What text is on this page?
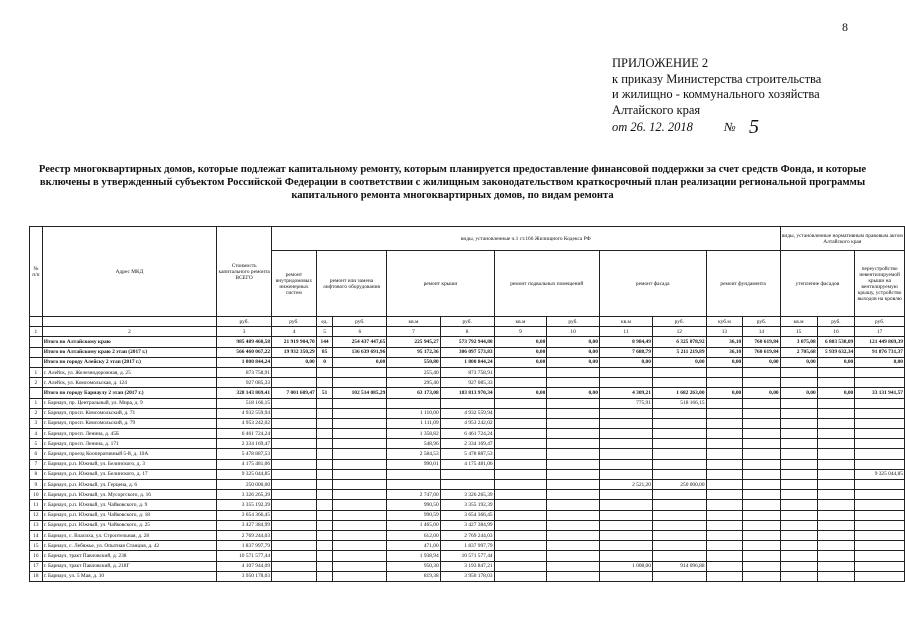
8
ПРИЛОЖЕНИЕ 2
к приказу Министерства строительства
и жилищно - коммунального хозяйства
Алтайского края
от 26. 12. 2018 № 5
Реестр многоквартирных домов, которые подлежат капитальному ремонту, которым планируется предоставление финансовой поддержки за счет средств Фонда, и которые включены в утвержденный субъектом Российской Федерации в соответствии с жилищным законодательством краткосрочный план реализации региональной программы капитального ремонта многоквартирных домов, по видам ремонта
№ п/п	Адрес МКД	Стоимость капитального ремонта ВСЕГО	виды, установленные ч.1 ст.166 Жилищного Кодекса РФ											виды, установленные нормативным правовым актом Алтайского края		
			ремонт внутридомовых инженерных систем	ремонт или замена лифтового оборудования		ремонт крыши		ремонт подвальных помещений		ремонт фасада		ремонт фундамента		утепление фасадов		переустройство невентилируемой крыши на вентилируемую крышу, устройство выходов на кровлю
		руб.	руб.	ед.	руб.	кв.м	руб.	кв.м	руб.	кв.м	руб.	куб.м	руб.	кв.м	руб.	руб.
1	2	3	4	5	6	7	8	9	10	11	12	13	14	15	16	17
	Итого по Алтайскому краю	985 489 460,58	21 919 904,70	144	254 437 447,65	225 945,27	573 792 944,80	0,00	0,00	8 984,49	6 325 078,92	36,10	760 619,84	3 075,08	6 803 538,09	121 449 869,39
	Итого по Алтайскому краю 2 этап (2017 г.)	566 460 067,22	19 932 350,29	85	136 639 691,96	95 172,36	306 097 573,83	0,00	0,00	7 688,79	5 211 219,89	36,10	760 619,84	2 705,68	5 939 632,34	91 876 731,37
	Итого по городу Алейску 2 этап (2017 г.)	1 800 844,24	0,00	0	0,00	550,80	1 800 844,24	0,00	0,00	0,00	0,00	0,00	0,00	0,00	0,00	0,00
1	г. Алейск, ул. Железнодорожная, д. 25	873 758,91				255,40	873 758,91									
2	г. Алейск, ул. Комсомольская, д. 124	927 085,33				295,40	927 085,33									
	Итого по городу Барнаулу 2 этап (2017 г.)	328 143 869,41	7 001 609,47	51	102 514 085,29	63 173,08	183 813 970,34	0,00	0,00	4 309,21	1 682 263,00	0,00	0,00	0,00	0,00	33 131 941,57
1	г. Барнаул, пр. Центральный, ул. Мира, д. 9	518 166,15								775,91	518 166,15					
2	г. Барнаул, просп. Комсомольский, д. 71	4 932 559,94				1 110,00	4 932 559,94									
3	г. Барнаул, просп. Комсомольский, д. 79	4 953 242,02				1 111,09	4 953 242,02									
4	г. Барнаул, просп. Ленина, д. 45Б	6 461 724,24				1 358,82	6 461 724,24									
5	г. Барнаул, просп. Ленина, д. 171	2 334 169,47				548,96	2 334 169,47									
6	г. Барнаул, проезд Кооперативный 5-й, д. 10А	5 478 887,53				2 584,53	5 478 887,53									
7	г. Барнаул, р.п. Южный, ул. Белинского, д. 3	4 175 481,06				990,01	4 175 481,06									
8	г. Барнаул, р.п. Южный, ул. Белинского, д. 17	9 325 044,85														9 325 044,85
9	г. Барнаул, р.п. Южный, ул. Герцена, д. 6	250 000,00								2 521,20	250 000,00					
10	г. Барнаул, р.п. Южный, ул. Мусоргского, д. 16	3 326 265,39				2 747,00	3 326 265,39									
11	г. Барнаул, р.п. Южный, ул. Чайковского, д. 9	3 355 192,39				990,50	3 355 192,39									
12	г. Барнаул, р.п. Южный, ул. Чайковского, д. 18	3 654 366,45				990,59	3 654 366,45									
13	г. Барнаул, р.п. Южный, ул. Чайковского, д. 25	3 427 384,99				1 465,00	3 427 384,99									
14	г. Барнаул, с. Власиха, ул. Строительная, д. 28	2 769 244,03				612,00	2 769 244,03									
15	г. Барнаул, с. Лебяжье, ул. Опытная Станция, д. 42	1 837 997,79				471,00	1 837 997,79									
16	г. Барнаул, тракт Павловский, д. 238	10 571 577,44				1 938,94	10 571 577,44									
17	г. Барнаул, тракт Павловский, д. 218Г	4 107 944,09				950,30	3 193 847,21			1 008,00	914 096,88					
18	г. Барнаул, ул. 5 Мая, д. 10	3 950 178,03				819,38	3 950 178,03									
